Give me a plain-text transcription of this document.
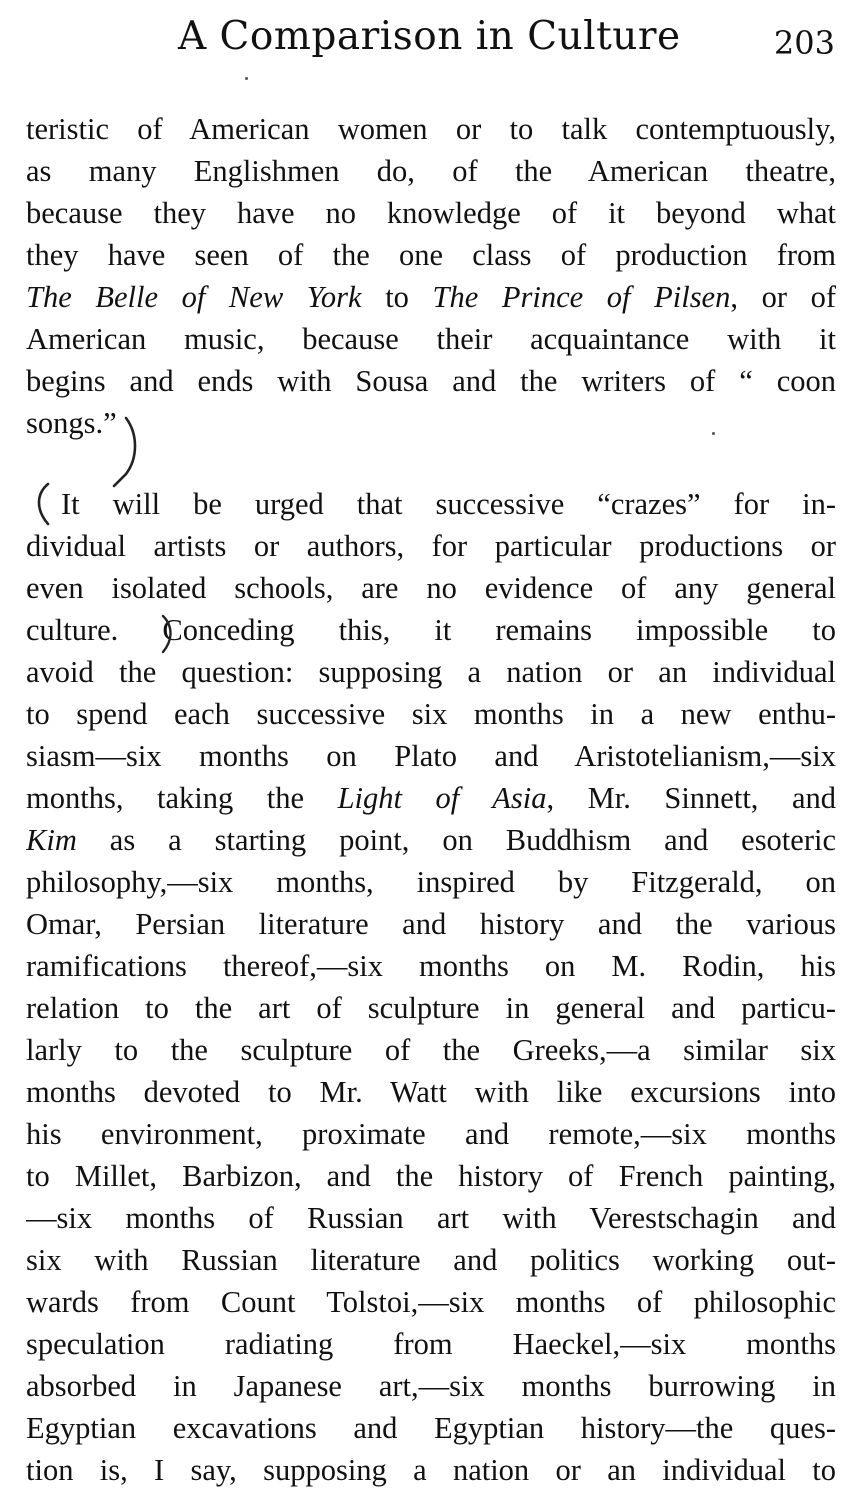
A Comparison in Culture	203
teristic of American women or to talk contemptuously,
as many Englishmen do, of the American theatre,
because they have no knowledge of it beyond what
they have seen of the one class of production from
The Belle of New York to The Prince of Pilsen, or of
American music, because their acquaintance with it
begins and ends with Sousa and the writers of “ coon
songs.”
It will be urged that successive “crazes” for in-
dividual artists or authors, for particular productions or
even isolated schools, are no evidence of any general
culture. Conceding this, it remains impossible to
avoid the question: supposing a nation or an individual
to spend each successive six months in a new enthu-
siasm—six months on Plato and Aristotelianism,—six
months, taking the Light of Asia, Mr. Sinnett, and
Kim as a starting point, on Buddhism and esoteric
philosophy,—six months, inspired by Fitzgerald, on
Omar, Persian literature and history and the various
ramifications thereof,—six months on M. Rodin, his
relation to the art of sculpture in general and particu-
larly to the sculpture of the Greeks,—a similar six
months devoted to Mr. Watt with like excursions into
his environment, proximate and remote,—six months
to Millet, Barbizon, and the history of French painting,
—six months of Russian art with Verestschagin and
six with Russian literature and politics working out-
wards from Count Tolstoi,—six months of philosophic
speculation radiating from Haeckel,—six months
absorbed in Japanese art,—six months burrowing in
Egyptian excavations and Egyptian history—the ques-
tion is, I say, supposing a nation or an individual to
